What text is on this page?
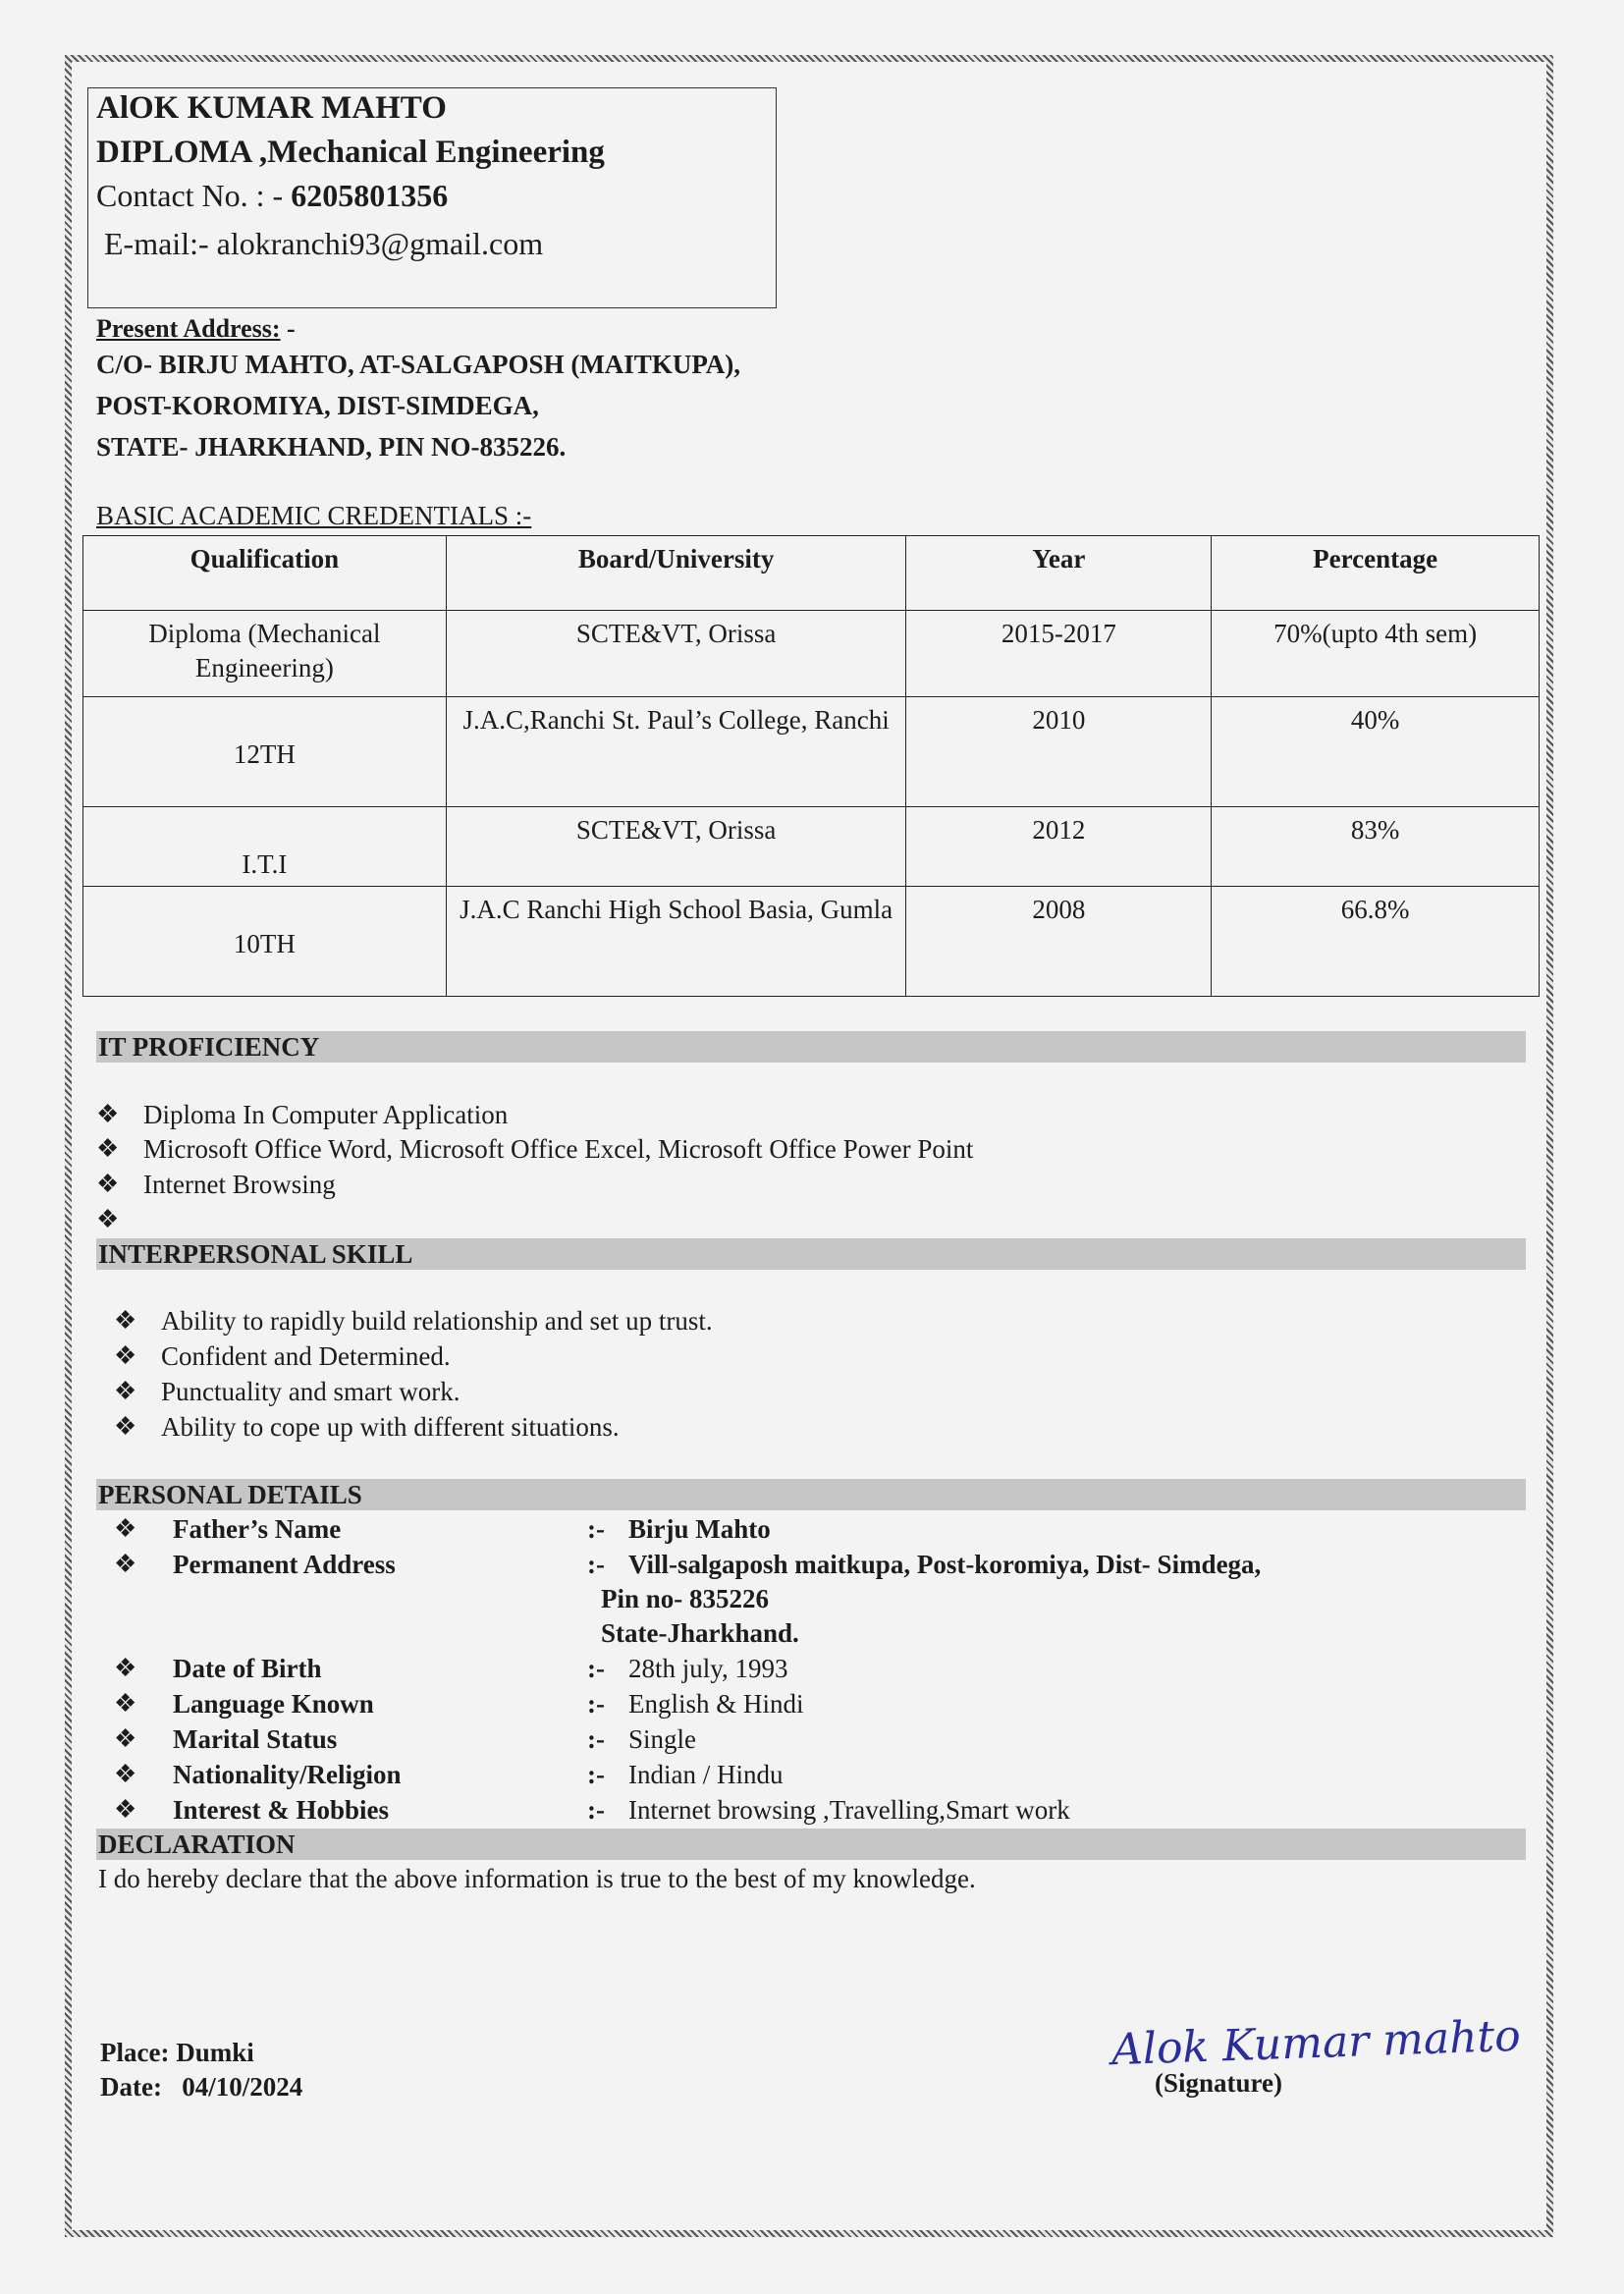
AlOK KUMAR MAHTO
DIPLOMA ,Mechanical Engineering
Contact No. : - 6205801356
E-mail:- alokranchi93@gmail.com
Present Address: -
C/O- BIRJU MAHTO, AT-SALGAPOSH (MAITKUPA),
POST-KOROMIYA, DIST-SIMDEGA,
STATE- JHARKHAND, PIN NO-835226.
BASIC ACADEMIC CREDENTIALS :-
Qualification	Board/University	Year	Percentage
Diploma (Mechanical Engineering)	SCTE&VT, Orissa	2015-2017	70%(upto 4th sem)
12TH	J.A.C,Ranchi St. Paul’s College, Ranchi	2010	40%
I.T.I	SCTE&VT, Orissa	2012	83%
10TH	J.A.C Ranchi High School Basia, Gumla	2008	66.8%
IT PROFICIENCY
❖ Diploma In Computer Application
❖ Microsoft Office Word, Microsoft Office Excel, Microsoft Office Power Point
❖ Internet Browsing
❖
INTERPERSONAL SKILL
❖ Ability to rapidly build relationship and set up trust.
❖ Confident and Determined.
❖ Punctuality and smart work.
❖ Ability to cope up with different situations.
PERSONAL DETAILS
❖ Father’s Name	:- Birju Mahto
❖ Permanent Address	:- Vill-salgaposh maitkupa, Post-koromiya, Dist- Simdega,
Pin no- 835226
State-Jharkhand.
❖ Date of Birth	:- 28th july, 1993
❖ Language Known	:- English & Hindi
❖ Marital Status	:- Single
❖ Nationality/Religion	:- Indian / Hindu
❖ Interest & Hobbies	:- Internet browsing ,Travelling,Smart work
DECLARATION
I do hereby declare that the above information is true to the best of my knowledge.
Place: Dumki
Date: 04/10/2024
Alok Kumar mahto
(Signature)
